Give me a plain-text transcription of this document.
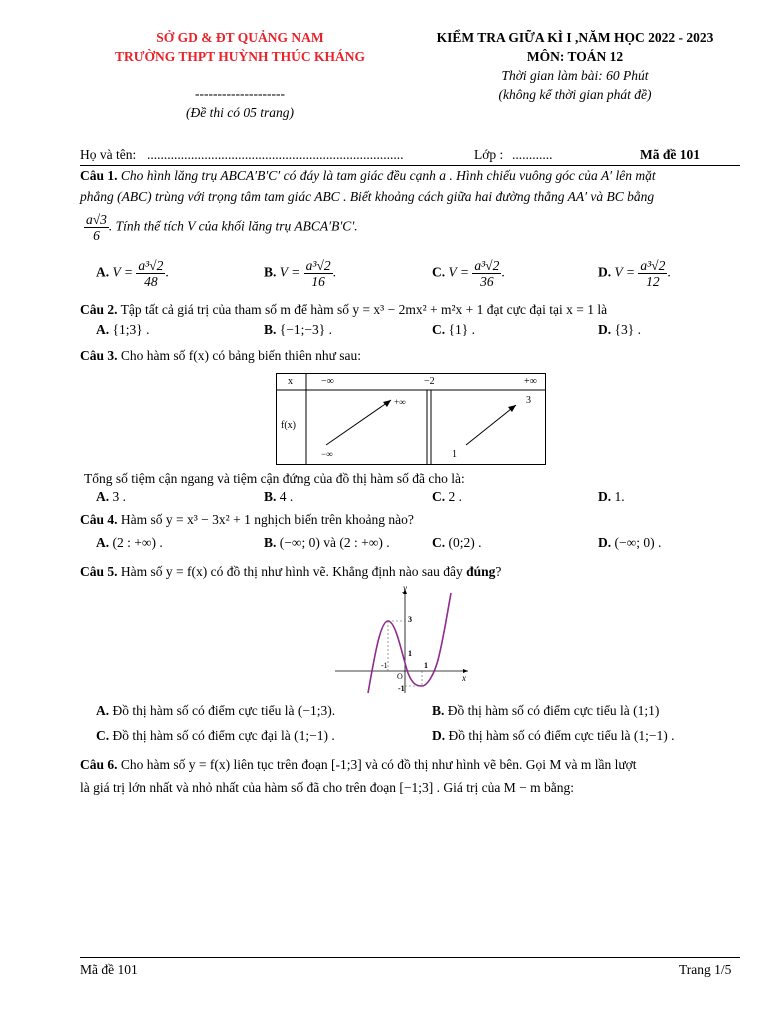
SỞ GD & ĐT QUẢNG NAM
TRƯỜNG THPT HUỲNH THÚC KHÁNG
--------------------
(Đề thi có 05 trang)
KIỂM TRA GIỮA KÌ I ,NĂM HỌC 2022 - 2023
MÔN: TOÁN 12
Thời gian làm bài: 60 Phút
(không kể thời gian phát đề)
Họ và tên: ............................................................................	Lớp : ............	Mã đề 101
Câu 1. Cho hình lăng trụ ABCA′B′C′ có đáy là tam giác đều cạnh a . Hình chiếu vuông góc của A′ lên mặt
phẳng (ABC) trùng với trọng tâm tam giác ABC . Biết khoảng cách giữa hai đường thẳng AA′ và BC bằng
$\frac{a√3}{6}$ . Tính thể tích V của khối lăng trụ ABCA′B′C′.
A. $V = \frac{\text{a³√2}}{48}$ .	B. $V = \frac{\text{a³√2}}{16}$ .	C. $V = \frac{\text{a³√2}}{36}$ .	D. $V = \frac{\text{a³√2}}{12}$ .
Câu 2. Tập tất cả giá trị của tham số m để hàm số y = x³ − 2mx² + m²x + 1 đạt cực đại tại x = 1 là
A. {1;3} .	B. {−1;−3} .	C. {1} .	D. {3} .
Câu 3. Cho hàm số f(x) có bảng biến thiên như sau:
x	−∞	−2	+∞
f(x)
+∞
−∞
3
1
Tổng số tiệm cận ngang và tiệm cận đứng của đồ thị hàm số đã cho là:
A. 3 .	B. 4 .	C. 2 .	D. 1.
Câu 4. Hàm số y = x³ − 3x² + 1 nghịch biến trên khoảng nào?
A. (2 : +∞) .	B. (−∞; 0) và (2 : +∞) .	C. (0;2) .	D. (−∞; 0) .
Câu 5. Hàm số y = f(x) có đồ thị như hình vẽ. Khẳng định nào sau đây đúng?
y
x
O
3
1
-1	1
-1
A. Đồ thị hàm số có điểm cực tiểu là (−1;3).	B. Đồ thị hàm số có điểm cực tiểu là (1;1)
C. Đồ thị hàm số có điểm cực đại là (1;−1) .	D. Đồ thị hàm số có điểm cực tiểu là (1;−1) .
Câu 6. Cho hàm số y = f(x) liên tục trên đoạn [-1;3] và có đồ thị như hình vẽ bên. Gọi M và m lần lượt
là giá trị lớn nhất và nhỏ nhất của hàm số đã cho trên đoạn [−1;3] . Giá trị của M − m bằng:
Mã đề 101	Trang 1/5
